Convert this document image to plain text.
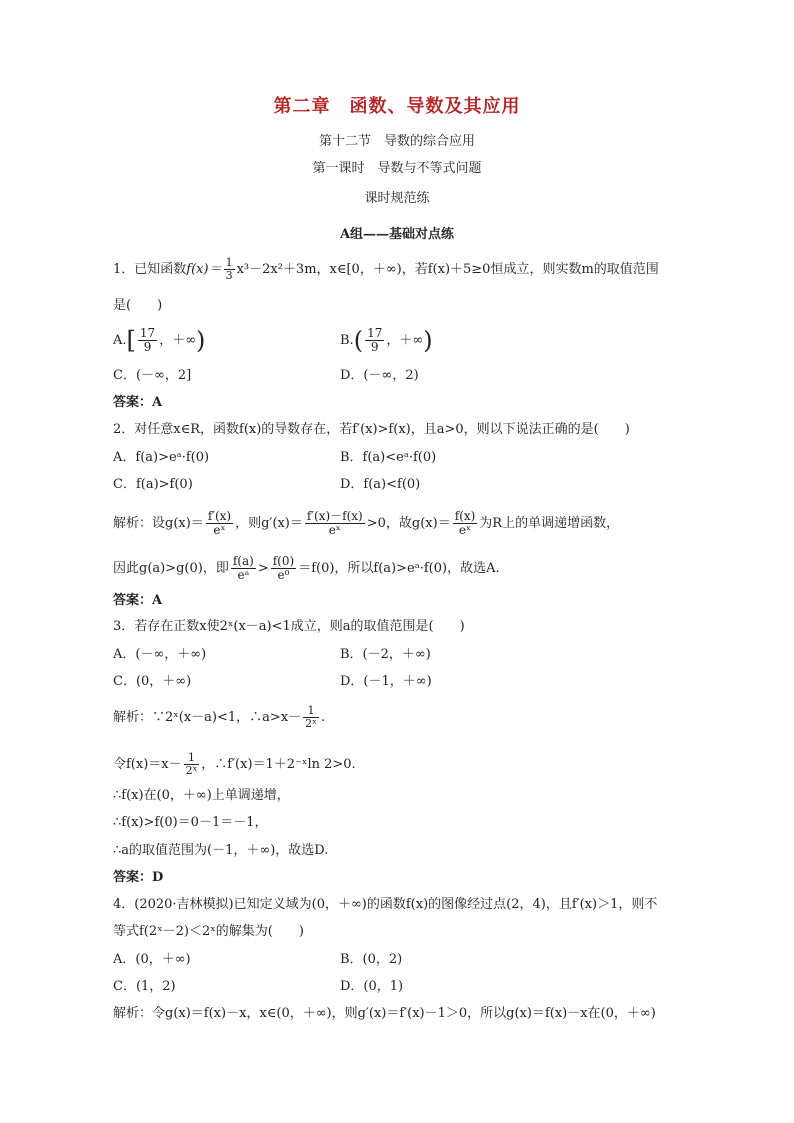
第二章　函数、导数及其应用
第十二节　导数的综合应用
第一课时　导数与不等式问题
课时规范练
A组——基础对点练
1．已知函数$f(x)= \frac{1}{3} x^3-2x^2+3m$，x∈[0，＋∞)，若f(x)＋5≥0恒成立，则实数m的取值范围
是(　　)
$A.[ \frac{17}{9}$ ，＋∞)	$B.( \frac{17}{9}$ ，＋∞)
C．(－∞，2]	D．(－∞，2)
答案：A
2．对任意x∈R，函数f(x)的导数存在，若f′(x)>f(x)，且a>0，则以下说法正确的是(　　)
A．f(a)>eᵃ·f(0)	B．f(a)<eᵃ·f(0)
C．f(a)>f(0)	D．f(a)<f(0)
解析：设$g(x)= \frac{f'(x)}{\text{eˣ}}$ ，则$g'(x)= \frac{f'(x)-f(x)}{\text{eˣ}} >0$，故$g(x)= \frac{f(x)}{\text{eˣ}}$ 为R上的单调递增函数，
因此g(a)>g(0)，即 $\frac{f(a)}{\text{eᵃ}} > \frac{f(0)}{\text{e⁰}} =f(0)$，所以f(a)>eᵃ·f(0)，故选A.
答案：A
3．若存在正数x使2ˣ(x－a)<1成立，则a的取值范围是(　　)
A．(－∞，＋∞)	B．(－2，＋∞)
C．(0，＋∞)	D．(－1，＋∞)
解析：∵2ˣ(x－a)<1，∴a>x－ $\frac{1}{\text{2ˣ}}$ .
令$f(x)=x- \frac{1}{\text{2ˣ}}$ ，∴f′(x)＝1＋2⁻ˣln 2>0.
∴f(x)在(0，＋∞)上单调递增，
∴f(x)>f(0)＝0－1＝－1，
∴a的取值范围为(－1，＋∞)，故选D.
答案：D
4．(2020·吉林模拟)已知定义域为(0，＋∞)的函数f(x)的图像经过点(2，4)，且f′(x)＞1，则不
等式f(2ˣ－2)＜2ˣ的解集为(　　)
A．(0，＋∞)	B．(0，2)
C．(1，2)	D．(0，1)
解析：令g(x)＝f(x)－x，x∈(0，＋∞)，则g′(x)＝f′(x)－1＞0，所以g(x)＝f(x)－x在(0，＋∞)
